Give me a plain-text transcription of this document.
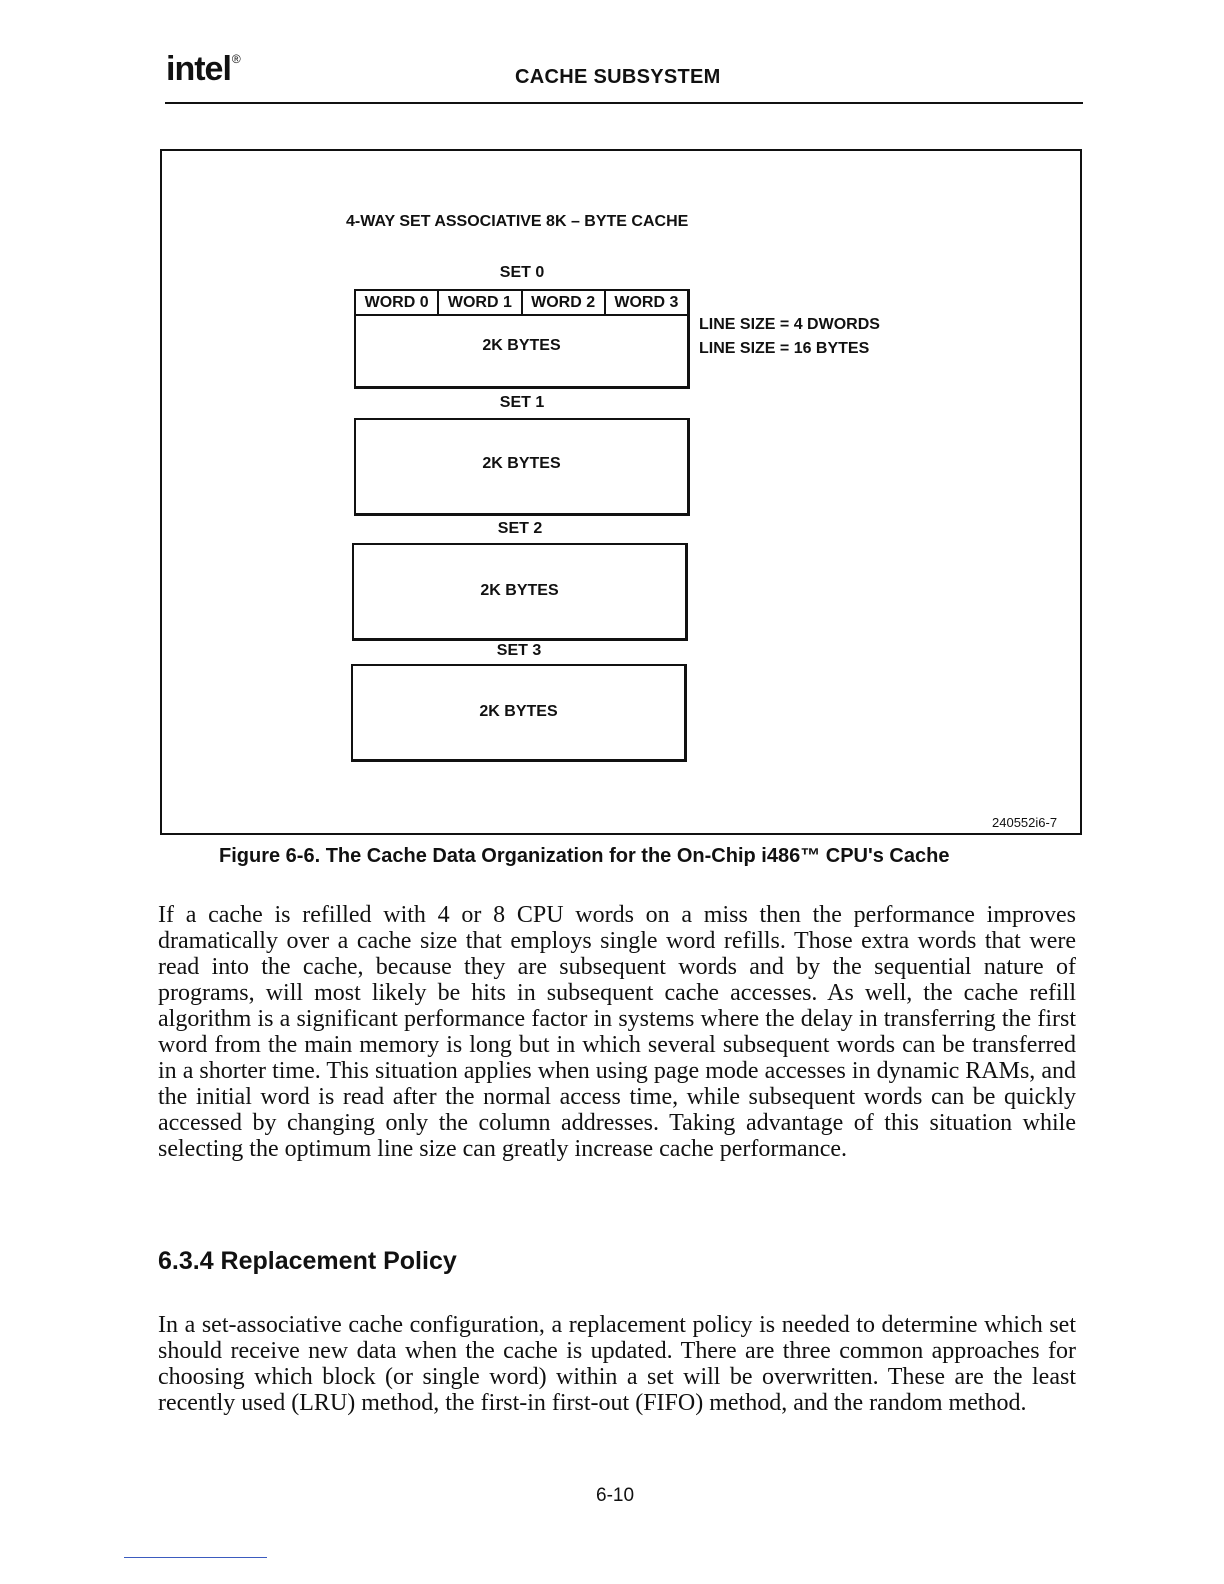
intel®
CACHE SUBSYSTEM
4-WAY SET ASSOCIATIVE 8K – BYTE CACHE
SET 0
WORD 0	WORD 1	WORD 2	WORD 3
2K BYTES
LINE SIZE = 4 DWORDS
LINE SIZE = 16 BYTES
SET 1
2K BYTES
SET 2
2K BYTES
SET 3
2K BYTES
240552i6-7
Figure 6-6. The Cache Data Organization for the On-Chip i486™ CPU's Cache

If a cache is refilled with 4 or 8 CPU words on a miss then the performance improves dramatically over a cache size that employs single word refills. Those extra words that were read into the cache, because they are subsequent words and by the sequential nature of programs, will most likely be hits in subsequent cache accesses. As well, the cache refill algorithm is a significant performance factor in systems where the delay in transferring the first word from the main memory is long but in which several subsequent words can be transferred in a shorter time. This situation applies when using page mode accesses in dynamic RAMs, and the initial word is read after the normal access time, while subsequent words can be quickly accessed by changing only the column addresses. Taking advantage of this situation while selecting the optimum line size can greatly increase cache performance.

6.3.4 Replacement Policy

In a set-associative cache configuration, a replacement policy is needed to determine which set should receive new data when the cache is updated. There are three common approaches for choosing which block (or single word) within a set will be overwritten. These are the least recently used (LRU) method, the first-in first-out (FIFO) method, and the random method.

6-10
